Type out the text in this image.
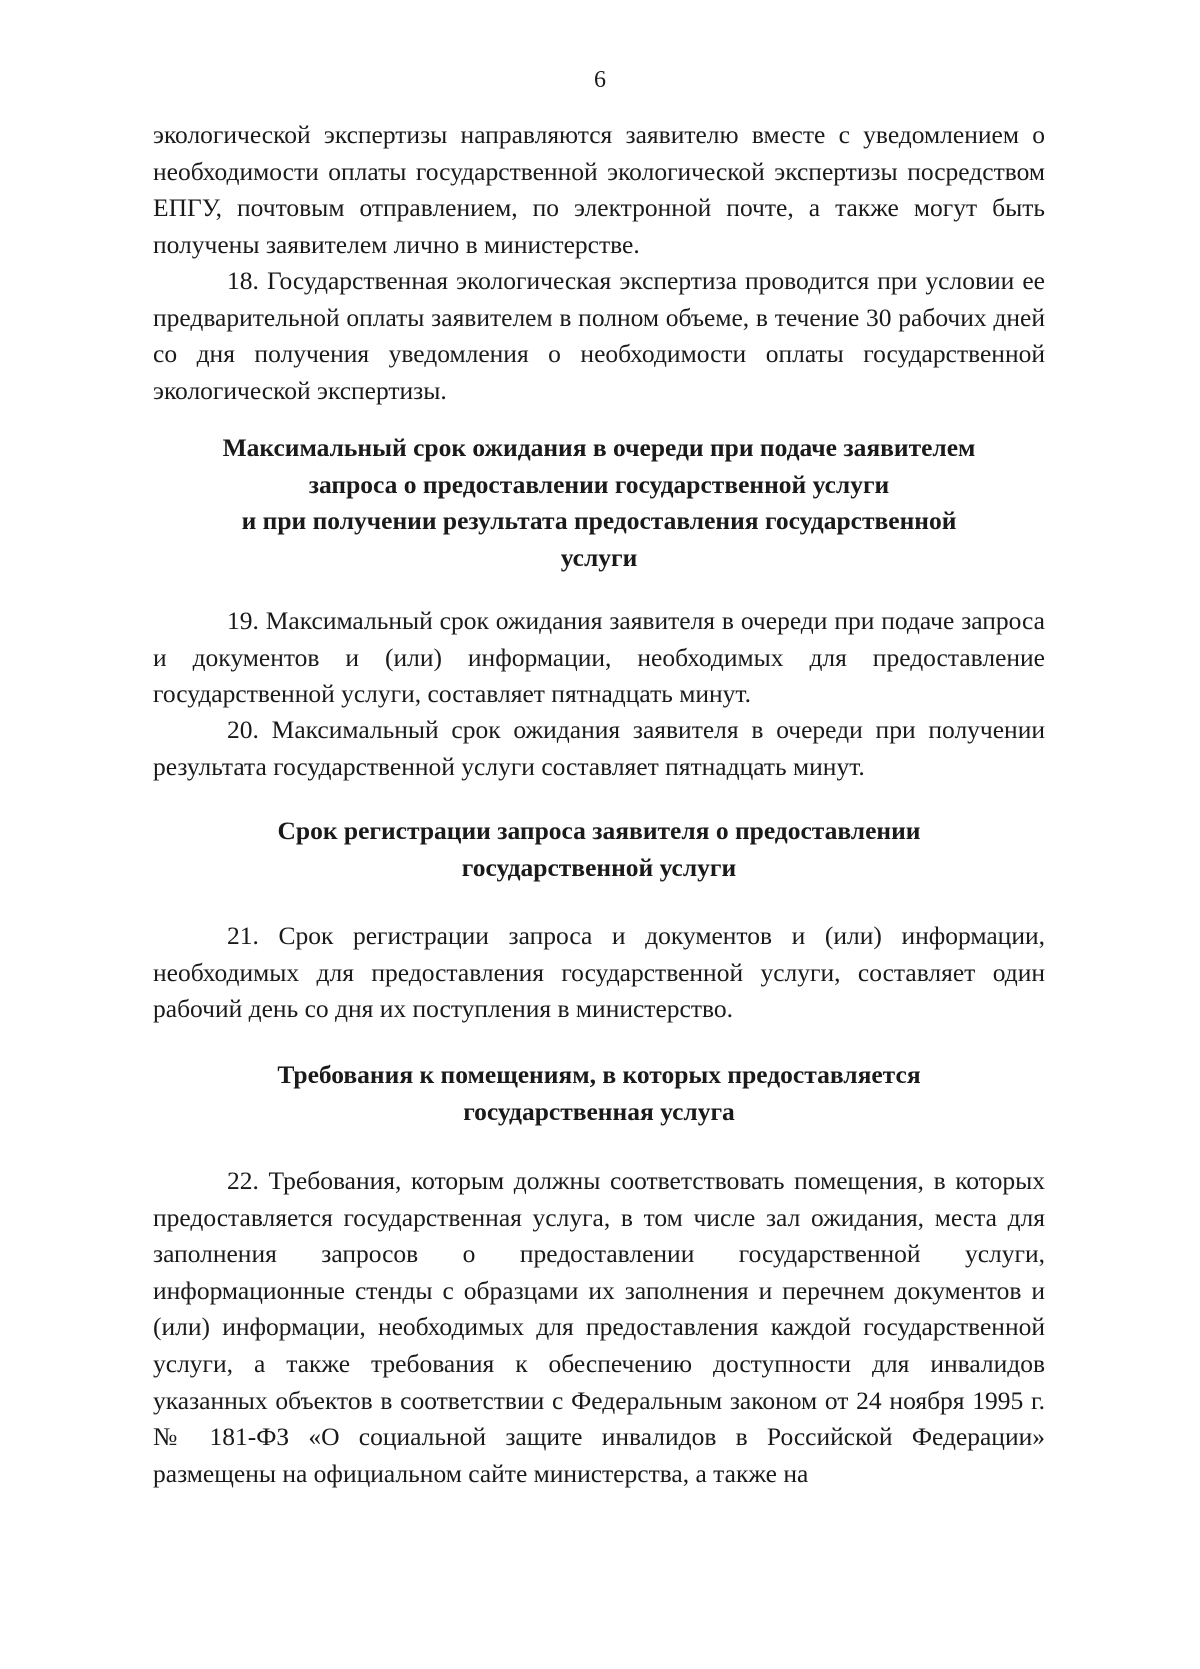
6

экологической экспертизы направляются заявителю вместе с уведомлением о необходимости оплаты государственной экологической экспертизы посредством ЕПГУ, почтовым отправлением, по электронной почте, а также могут быть получены заявителем лично в министерстве.

18. Государственная экологическая экспертиза проводится при условии ее предварительной оплаты заявителем в полном объеме, в течение 30 рабочих дней со дня получения уведомления о необходимости оплаты государственной экологической экспертизы.

Максимальный срок ожидания в очереди при подаче заявителем
запроса о предоставлении государственной услуги
и при получении результата предоставления государственной
услуги

19. Максимальный срок ожидания заявителя в очереди при подаче запроса и документов и (или) информации, необходимых для предоставление государственной услуги, составляет пятнадцать минут.

20. Максимальный срок ожидания заявителя в очереди при получении результата государственной услуги составляет пятнадцать минут.

Срок регистрации запроса заявителя о предоставлении
государственной услуги

21. Срок регистрации запроса и документов и (или) информации, необходимых для предоставления государственной услуги, составляет один рабочий день со дня их поступления в министерство.

Требования к помещениям, в которых предоставляется
государственная услуга

22. Требования, которым должны соответствовать помещения, в которых предоставляется государственная услуга, в том числе зал ожидания, места для заполнения запросов о предоставлении государственной услуги, информационные стенды с образцами их заполнения и перечнем документов и (или) информации, необходимых для предоставления каждой государственной услуги, а также требования к обеспечению доступности для инвалидов указанных объектов в соответствии с Федеральным законом от 24 ноября 1995 г. № 181-ФЗ «О социальной защите инвалидов в Российской Федерации» размещены на официальном сайте министерства, а также на
